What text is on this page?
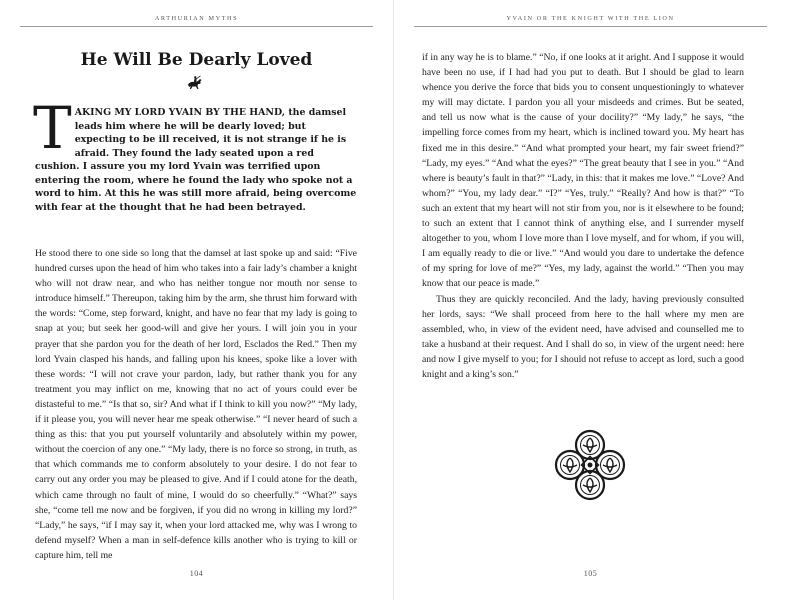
ARTHURIAN MYTHS
He Will Be Dearly Loved
TAKING MY LORD YVAIN BY THE HAND, the damsel leads him where he will be dearly loved; but expecting to be ill received, it is not strange if he is afraid. They found the lady seated upon a red cushion. I assure you my lord Yvain was terrified upon entering the room, where he found the lady who spoke not a word to him. At this he was still more afraid, being overcome with fear at the thought that he had been betrayed.

He stood there to one side so long that the damsel at last spoke up and said: “Five hundred curses upon the head of him who takes into a fair lady’s chamber a knight who will not draw near, and who has neither tongue nor mouth nor sense to introduce himself.” Thereupon, taking him by the arm, she thrust him forward with the words: “Come, step forward, knight, and have no fear that my lady is going to snap at you; but seek her good-will and give her yours. I will join you in your prayer that she pardon you for the death of her lord, Esclados the Red.” Then my lord Yvain clasped his hands, and falling upon his knees, spoke like a lover with these words: “I will not crave your pardon, lady, but rather thank you for any treatment you may inflict on me, knowing that no act of yours could ever be distasteful to me.” “Is that so, sir? And what if I think to kill you now?” “My lady, if it please you, you will never hear me speak otherwise.” “I never heard of such a thing as this: that you put yourself voluntarily and absolutely within my power, without the coercion of any one.” “My lady, there is no force so strong, in truth, as that which commands me to conform absolutely to your desire. I do not fear to carry out any order you may be pleased to give. And if I could atone for the death, which came through no fault of mine, I would do so cheerfully.” “What?” says she, “come tell me now and be forgiven, if you did no wrong in killing my lord?” “Lady,” he says, “if I may say it, when your lord attacked me, why was I wrong to defend myself? When a man in self-defence kills another who is trying to kill or capture him, tell me

104
YVAIN OR THE KNIGHT WITH THE LION

if in any way he is to blame.” “No, if one looks at it aright. And I suppose it would have been no use, if I had had you put to death. But I should be glad to learn whence you derive the force that bids you to consent unquestioningly to whatever my will may dictate. I pardon you all your misdeeds and crimes. But be seated, and tell us now what is the cause of your docility?” “My lady,” he says, “the impelling force comes from my heart, which is inclined toward you. My heart has fixed me in this desire.” “And what prompted your heart, my fair sweet friend?” “Lady, my eyes.” “And what the eyes?” “The great beauty that I see in you.” “And where is beauty’s fault in that?” “Lady, in this: that it makes me love.” “Love? And whom?” “You, my lady dear.” “I?” “Yes, truly.” “Really? And how is that?” “To such an extent that my heart will not stir from you, nor is it elsewhere to be found; to such an extent that I cannot think of anything else, and I surrender myself altogether to you, whom I love more than I love myself, and for whom, if you will, I am equally ready to die or live.” “And would you dare to undertake the defence of my spring for love of me?” “Yes, my lady, against the world.” “Then you may know that our peace is made.”

Thus they are quickly reconciled. And the lady, having previously consulted her lords, says: “We shall proceed from here to the hall where my men are assembled, who, in view of the evident need, have advised and counselled me to take a husband at their request. And I shall do so, in view of the urgent need: here and now I give myself to you; for I should not refuse to accept as lord, such a good knight and a king’s son.”

105
